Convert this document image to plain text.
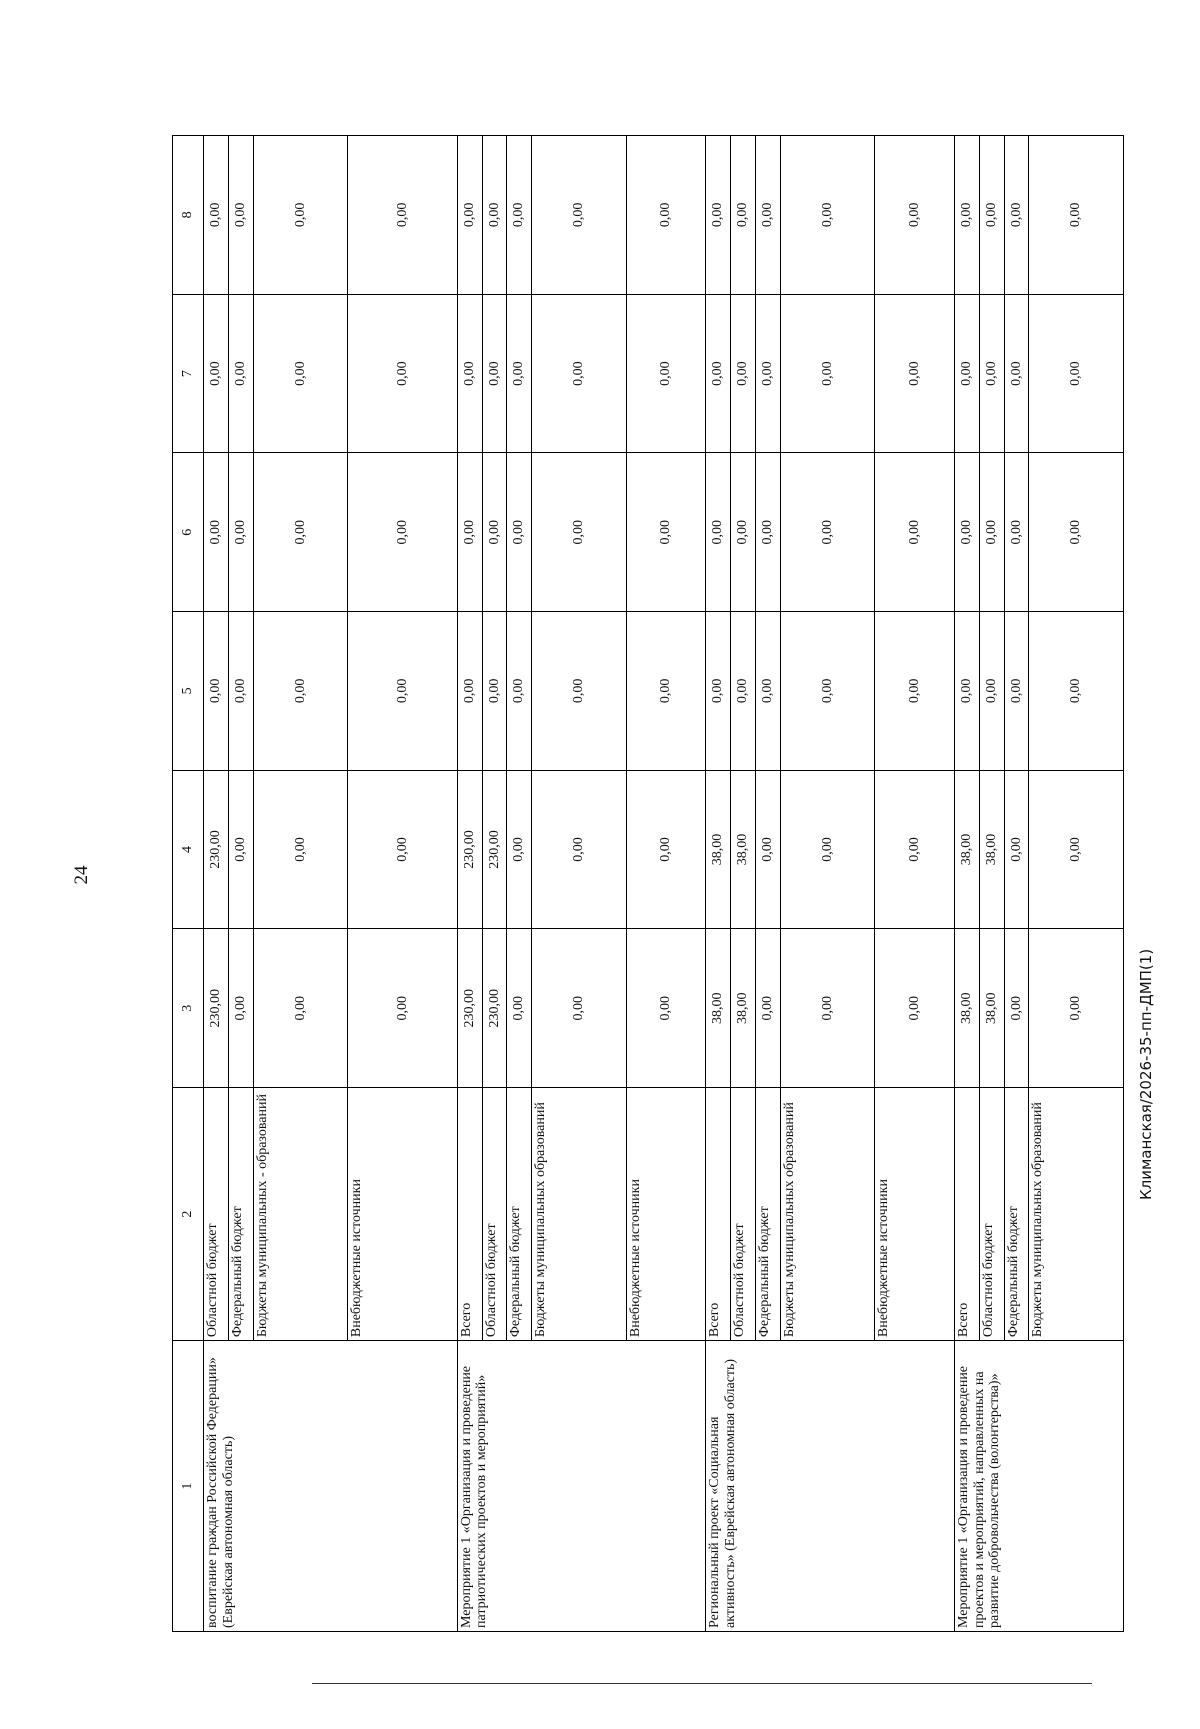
24
1	2	3	4	5	6	7	8
воспитание граждан Российской Федерации» (Еврейская автономная область)	Областной бюджет	230,00	230,00	0,00	0,00	0,00	0,00
	Федеральный бюджет	0,00	0,00	0,00	0,00	0,00	0,00
	Бюджеты муниципальных - образований	0,00	0,00	0,00	0,00	0,00	0,00
	Внебюджетные источники	0,00	0,00	0,00	0,00	0,00	0,00
Мероприятие 1 «Организация и проведение патриотических проектов и мероприятий»	Всего	230,00	230,00	0,00	0,00	0,00	0,00
	Областной бюджет	230,00	230,00	0,00	0,00	0,00	0,00
	Федеральный бюджет	0,00	0,00	0,00	0,00	0,00	0,00
	Бюджеты муниципальных образований	0,00	0,00	0,00	0,00	0,00	0,00
	Внебюджетные источники	0,00	0,00	0,00	0,00	0,00	0,00
Региональный проект «Социальная активность» (Еврейская автономная область)	Всего	38,00	38,00	0,00	0,00	0,00	0,00
	Областной бюджет	38,00	38,00	0,00	0,00	0,00	0,00
	Федеральный бюджет	0,00	0,00	0,00	0,00	0,00	0,00
	Бюджеты муниципальных образований	0,00	0,00	0,00	0,00	0,00	0,00
	Внебюджетные источники	0,00	0,00	0,00	0,00	0,00	0,00
Мероприятие 1 «Организация и проведение проектов и мероприятий, направленных на развитие добровольчества (волонтерства)»	Всего	38,00	38,00	0,00	0,00	0,00	0,00
	Областной бюджет	38,00	38,00	0,00	0,00	0,00	0,00
	Федеральный бюджет	0,00	0,00	0,00	0,00	0,00	0,00
	Бюджеты муниципальных образований	0,00	0,00	0,00	0,00	0,00	0,00
Климанская/2026-35-пп-ДМП(1)
